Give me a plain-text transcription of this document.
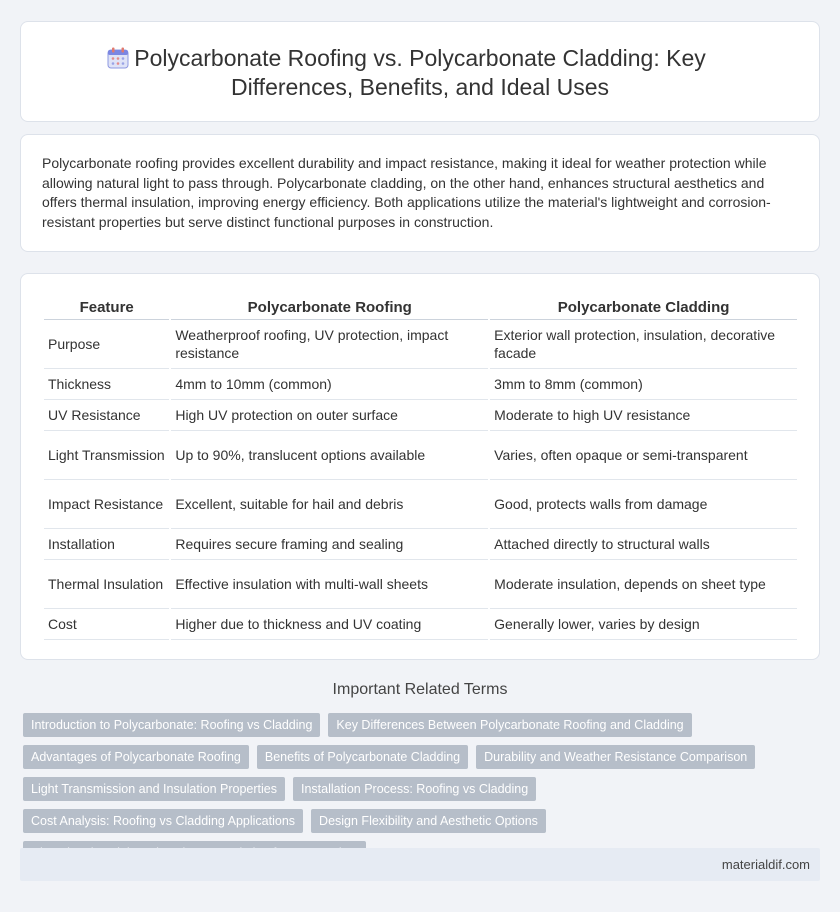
Polycarbonate Roofing vs. Polycarbonate Cladding: Key Differences, Benefits, and Ideal Uses

Polycarbonate roofing provides excellent durability and impact resistance, making it ideal for weather protection while allowing natural light to pass through. Polycarbonate cladding, on the other hand, enhances structural aesthetics and offers thermal insulation, improving energy efficiency. Both applications utilize the material's lightweight and corrosion-resistant properties but serve distinct functional purposes in construction.

Feature	Polycarbonate Roofing	Polycarbonate Cladding
Purpose	Weatherproof roofing, UV protection, impact resistance	Exterior wall protection, insulation, decorative facade
Thickness	4mm to 10mm (common)	3mm to 8mm (common)
UV Resistance	High UV protection on outer surface	Moderate to high UV resistance
Light Transmission	Up to 90%, translucent options available	Varies, often opaque or semi-transparent
Impact Resistance	Excellent, suitable for hail and debris	Good, protects walls from damage
Installation	Requires secure framing and sealing	Attached directly to structural walls
Thermal Insulation	Effective insulation with multi-wall sheets	Moderate insulation, depends on sheet type
Cost	Higher due to thickness and UV coating	Generally lower, varies by design
Important Related Terms
Introduction to Polycarbonate: Roofing vs Cladding	Key Differences Between Polycarbonate Roofing and Cladding
Advantages of Polycarbonate Roofing	Benefits of Polycarbonate Cladding	Durability and Weather Resistance Comparison
Light Transmission and Insulation Properties	Installation Process: Roofing vs Cladding
Cost Analysis: Roofing vs Cladding Applications	Design Flexibility and Aesthetic Options
materialdif.com
